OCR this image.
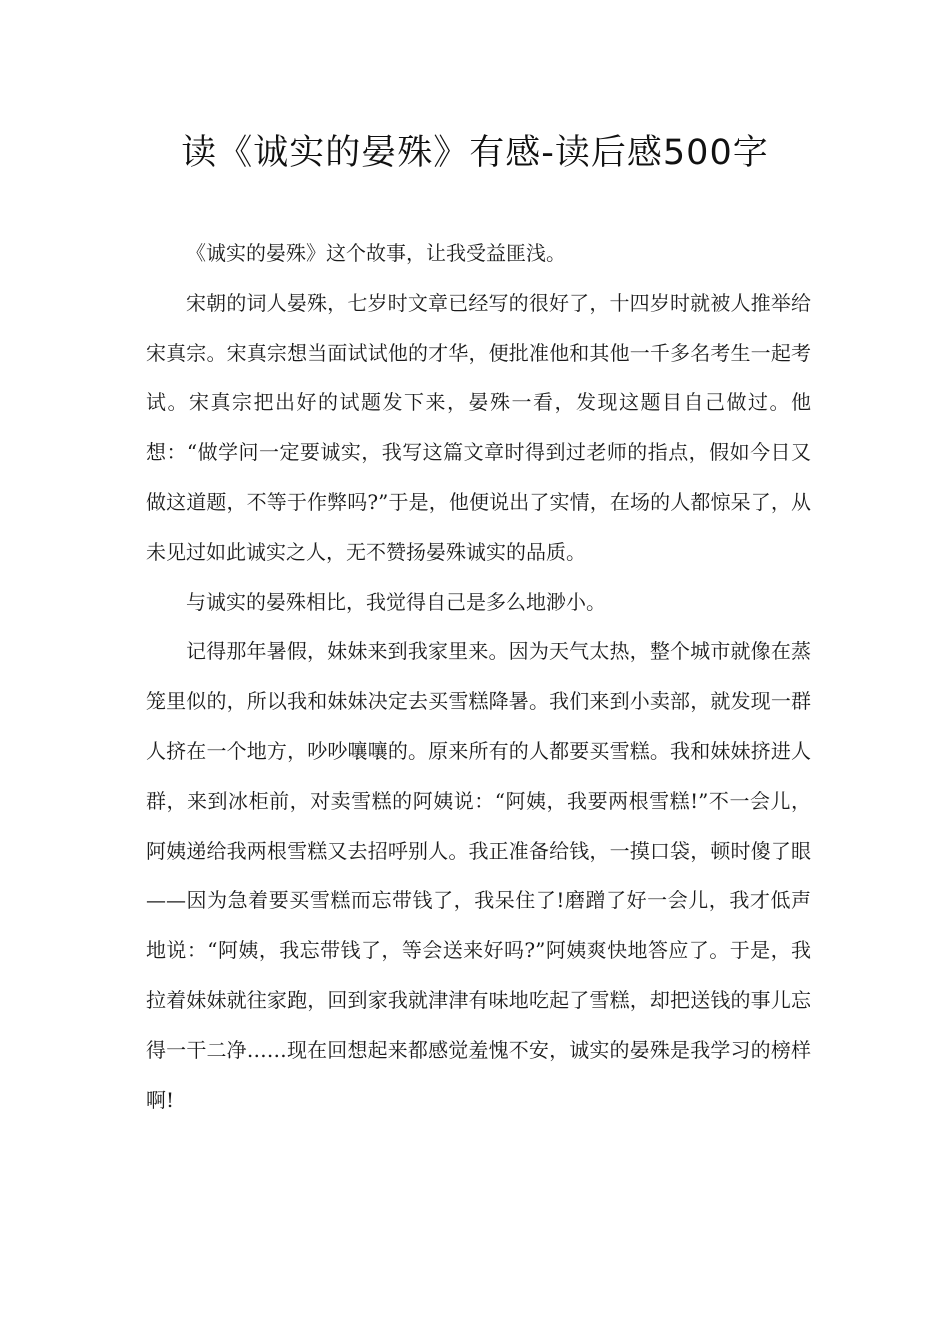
读《诚实的晏殊》有感-读后感500字

《诚实的晏殊》这个故事，让我受益匪浅。

宋朝的词人晏殊，七岁时文章已经写的很好了，十四岁时就被人推举给宋真宗。宋真宗想当面试试他的才华，便批准他和其他一千多名考生一起考试。宋真宗把出好的试题发下来，晏殊一看，发现这题目自己做过。他想：“做学问一定要诚实，我写这篇文章时得到过老师的指点，假如今日又做这道题，不等于作弊吗?”于是，他便说出了实情，在场的人都惊呆了，从未见过如此诚实之人，无不赞扬晏殊诚实的品质。

与诚实的晏殊相比，我觉得自己是多么地渺小。

记得那年暑假，妹妹来到我家里来。因为天气太热，整个城市就像在蒸笼里似的，所以我和妹妹决定去买雪糕降暑。我们来到小卖部，就发现一群人挤在一个地方，吵吵嚷嚷的。原来所有的人都要买雪糕。我和妹妹挤进人群，来到冰柜前，对卖雪糕的阿姨说：“阿姨，我要两根雪糕!”不一会儿，阿姨递给我两根雪糕又去招呼别人。我正准备给钱，一摸口袋，顿时傻了眼——因为急着要买雪糕而忘带钱了，我呆住了!磨蹭了好一会儿，我才低声地说：“阿姨，我忘带钱了，等会送来好吗?”阿姨爽快地答应了。于是，我拉着妹妹就往家跑，回到家我就津津有味地吃起了雪糕，却把送钱的事儿忘得一干二净……现在回想起来都感觉羞愧不安，诚实的晏殊是我学习的榜样啊!
